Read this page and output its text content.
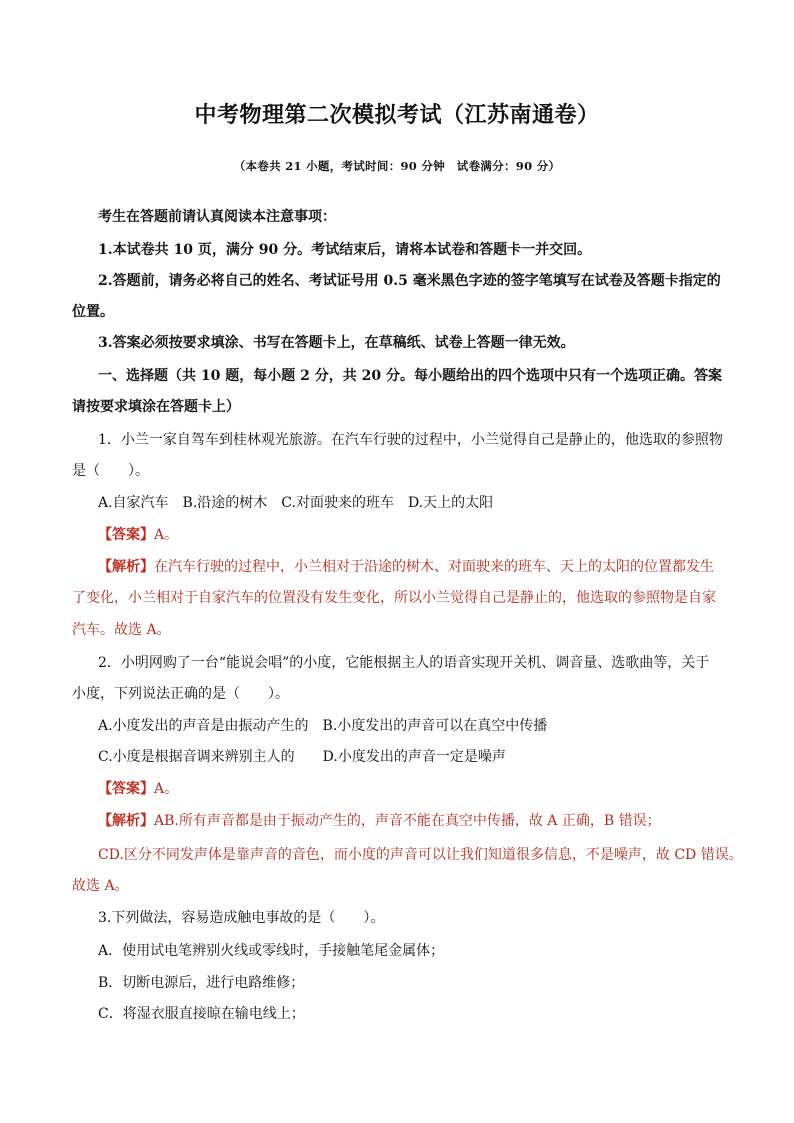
中考物理第二次模拟考试（江苏南通卷）
（本卷共 21 小题，考试时间：90 分钟　试卷满分：90 分）
考生在答题前请认真阅读本注意事项：
1.本试卷共 10 页，满分 90 分。考试结束后，请将本试卷和答题卡一并交回。
2.答题前，请务必将自己的姓名、考试证号用 0.5 毫米黑色字迹的签字笔填写在试卷及答题卡指定的
位置。
3.答案必须按要求填涂、书写在答题卡上，在草稿纸、试卷上答题一律无效。
一、选择题（共 10 题，每小题 2 分，共 20 分。每小题给出的四个选项中只有一个选项正确。答案
请按要求填涂在答题卡上）
1．小兰一家自驾车到桂林观光旅游。在汽车行驶的过程中，小兰觉得自己是静止的，他选取的参照物
是（　　）。
A.自家汽车　B.沿途的树木　C.对面驶来的班车　D.天上的太阳
【答案】A。
【解析】在汽车行驶的过程中，小兰相对于沿途的树木、对面驶来的班车、天上的太阳的位置都发生
了变化，小兰相对于自家汽车的位置没有发生变化，所以小兰觉得自己是静止的，他选取的参照物是自家
汽车。故选 A。
2．小明网购了一台“能说会唱”的小度，它能根据主人的语音实现开关机、调音量、选歌曲等，关于
小度，下列说法正确的是（　　）。
A.小度发出的声音是由振动产生的　B.小度发出的声音可以在真空中传播
C.小度是根据音调来辨别主人的　　D.小度发出的声音一定是噪声
【答案】A。
【解析】AB.所有声音都是由于振动产生的，声音不能在真空中传播，故 A 正确，B 错误；
CD.区分不同发声体是靠声音的音色，而小度的声音可以让我们知道很多信息，不是噪声，故 CD 错误。
故选 A。
3.下列做法，容易造成触电事故的是（　　）。
A．使用试电笔辨别火线或零线时，手接触笔尾金属体；
B．切断电源后，进行电路维修；
C．将湿衣服直接晾在输电线上；
